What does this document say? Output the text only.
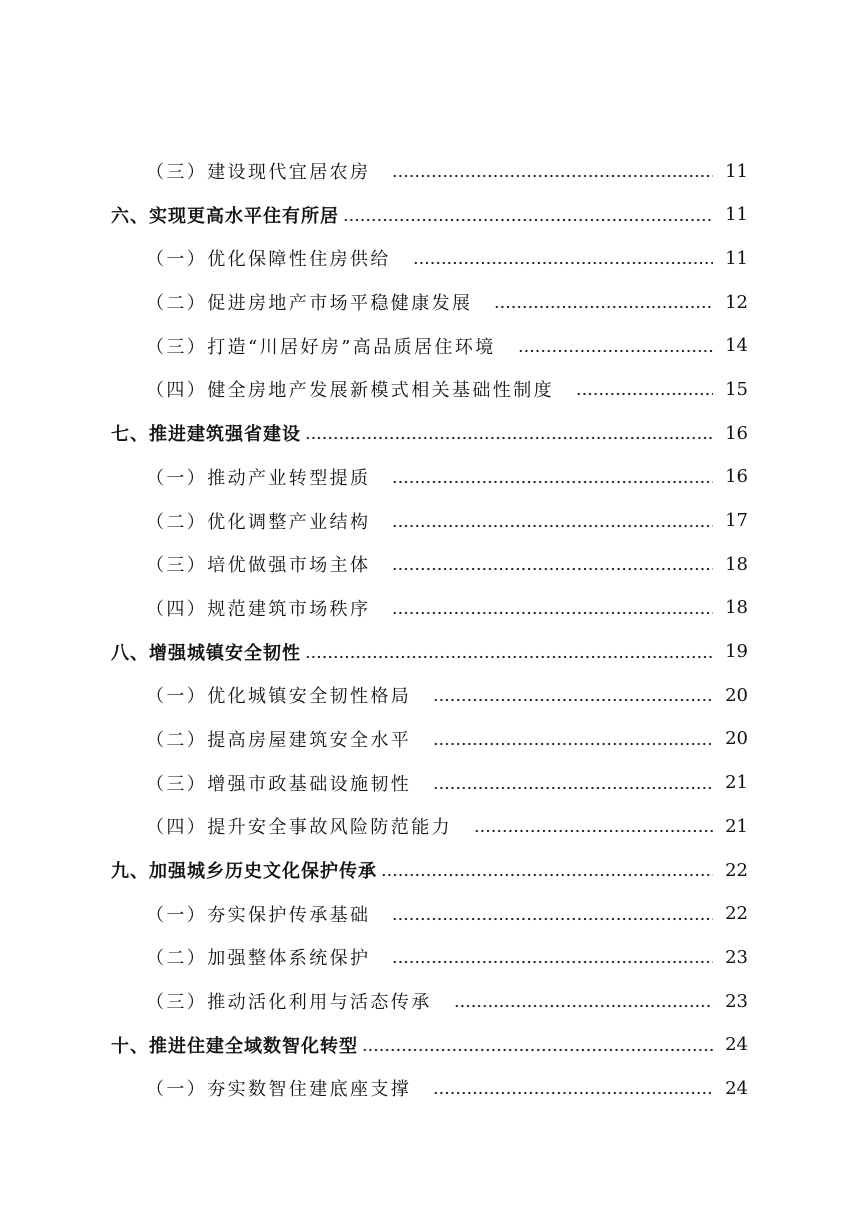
（三）建设现代宜居农房	11
六、实现更高水平住有所居	11
（一）优化保障性住房供给	11
（二）促进房地产市场平稳健康发展	12
（三）打造“川居好房”高品质居住环境	14
（四）健全房地产发展新模式相关基础性制度	15
七、推进建筑强省建设	16
（一）推动产业转型提质	16
（二）优化调整产业结构	17
（三）培优做强市场主体	18
（四）规范建筑市场秩序	18
八、增强城镇安全韧性	19
（一）优化城镇安全韧性格局	20
（二）提高房屋建筑安全水平	20
（三）增强市政基础设施韧性	21
（四）提升安全事故风险防范能力	21
九、加强城乡历史文化保护传承	22
（一）夯实保护传承基础	22
（二）加强整体系统保护	23
（三）推动活化利用与活态传承	23
十、推进住建全域数智化转型	24
（一）夯实数智住建底座支撑	24
